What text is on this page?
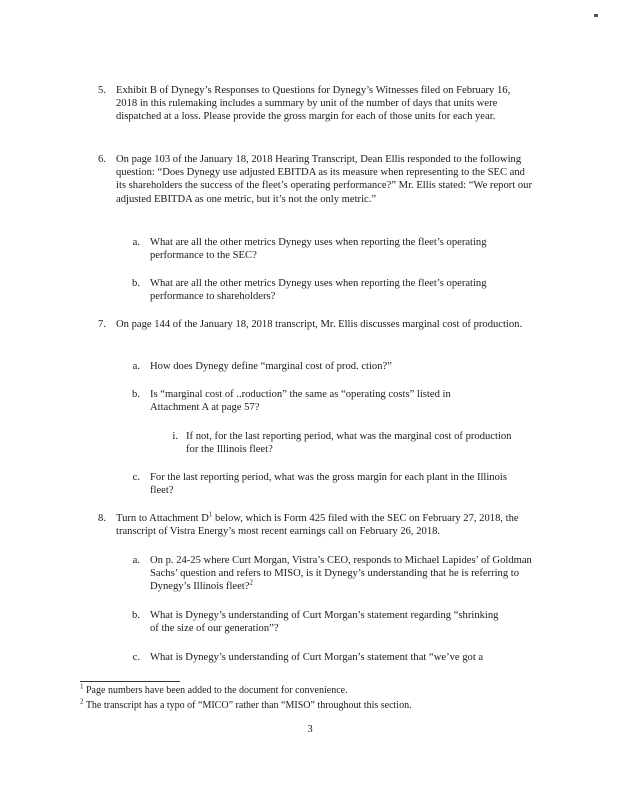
5. Exhibit B of Dynegy’s Responses to Questions for Dynegy’s Witnesses filed on February 16, 2018 in this rulemaking includes a summary by unit of the number of days that units were dispatched at a loss. Please provide the gross margin for each of those units for each year.

6. On page 103 of the January 18, 2018 Hearing Transcript, Dean Ellis responded to the following question: “Does Dynegy use adjusted EBITDA as its measure when representing to the SEC and its shareholders the success of the fleet’s operating performance?” Mr. Ellis stated: “We report our adjusted EBITDA as one metric, but it’s not the only metric.”

a. What are all the other metrics Dynegy uses when reporting the fleet’s operating performance to the SEC?

b. What are all the other metrics Dynegy uses when reporting the fleet’s operating performance to shareholders?

7. On page 144 of the January 18, 2018 transcript, Mr. Ellis discusses marginal cost of production.

a. How does Dynegy define “marginal cost of prod. ction?”

b. Is “marginal cost of ..roduction” the same as “operating costs” listed in Attachment A at page 57?

i. If not, for the last reporting period, what was the marginal cost of production for the Illinois fleet?

c. For the last reporting period, what was the gross margin for each plant in the Illinois fleet?

8. Turn to Attachment $D^1$ below, which is Form 425 filed with the SEC on February 27, 2018, the transcript of Vistra Energy’s most recent earnings call on February 26, 2018.

a. On p. 24-25 where Curt Morgan, Vistra’s CEO, responds to Michael Lapides’ of Goldman Sachs’ question and refers to MISO, is it Dynegy’s understanding that he is referring to Dynegy’s Illinois fleet?$^2$

b. What is Dynegy’s understanding of Curt Morgan’s statement regarding “shrinking of the size of our generation”?

c. What is Dynegy’s understanding of Curt Morgan’s statement that “we’ve got a

$^1$ Page numbers have been added to the document for convenience.

$^2$ The transcript has a typo of “MICO” rather than “MISO” throughout this section.

3
